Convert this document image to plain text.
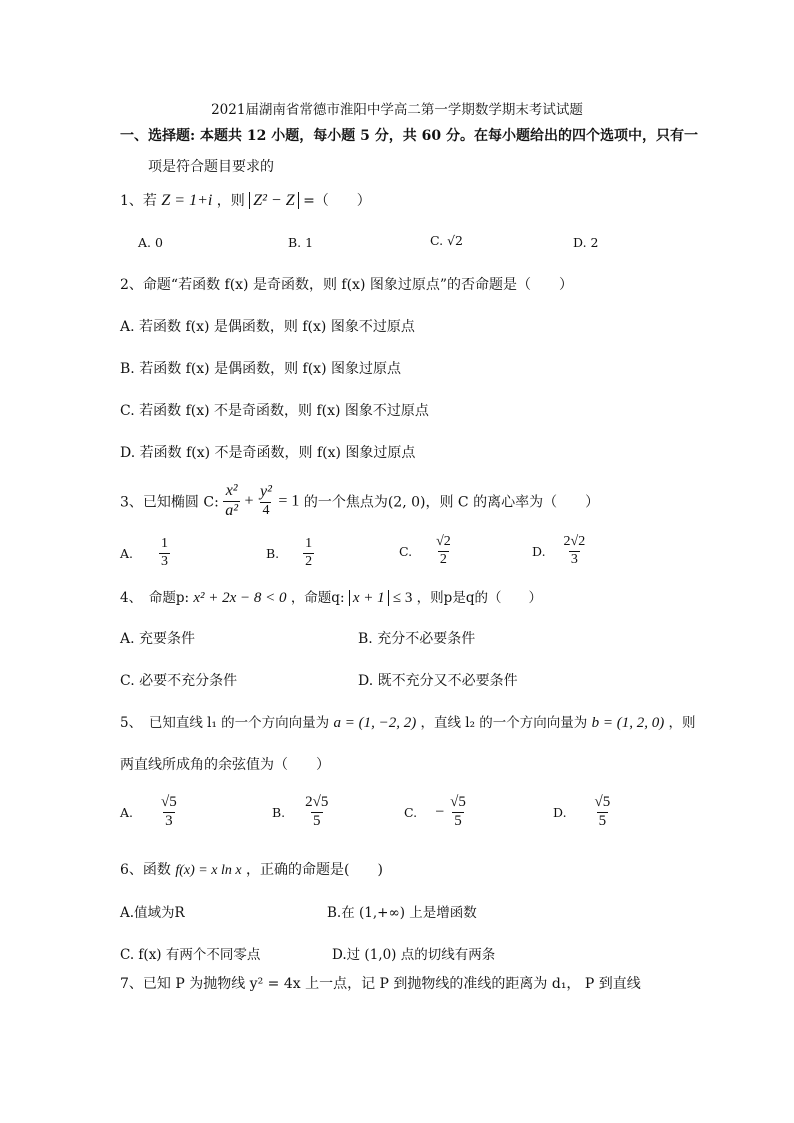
2021届湖南省常德市淮阳中学高二第一学期数学期末考试试题
一、选择题: 本题共 12 小题，每小题 5 分，共 60 分。在每小题给出的四个选项中，只有一
项是符合题目要求的
1、若 Z = 1+i ，则 Z² − Z =（　　）
A. 0	B. 1	C. √2	D. 2
2、命题“若函数 f(x) 是奇函数，则 f(x) 图象过原点”的否命题是（　　）
A. 若函数 f(x) 是偶函数，则 f(x) 图象不过原点
B. 若函数 f(x) 是偶函数，则 f(x) 图象过原点
C. 若函数 f(x) 不是奇函数，则 f(x) 图象不过原点
D. 若函数 f(x) 不是奇函数，则 f(x) 图象过原点
3、已知椭圆 C: $\frac{\text{x²}}{\text{a²}} + \frac{\text{y²}}{4} = 1$ 的一个焦点为(2, 0)，则 C 的离心率为（　　）
A. $\frac{1}{3}$	B. $\frac{1}{2}$	C. $\frac{√2}{2}$	D. $\frac{2√2}{3}$
4、　命题p: x² + 2x − 8 < 0 ，命题q: x + 1 ≤ 3 ，则p是q的（　　）
A. 充要条件	B. 充分不必要条件
C. 必要不充分条件	D. 既不充分又不必要条件
5、　已知直线 l₁ 的一个方向向量为 a = (1, −2, 2) ，直线 l₂ 的一个方向向量为 b = (1, 2, 0) ，则
两直线所成角的余弦值为（　　）
A. $\frac{√5}{3}$	B. $\frac{2√5}{5}$	C. − $\frac{√5}{5}$	D. $\frac{√5}{5}$
6、函数 f(x) = x ln x ，正确的命题是(　　)
A.值域为R	B.在 (1,+∞) 上是增函数
C. f(x) 有两个不同零点	D.过 (1,0) 点的切线有两条
7、已知 P 为抛物线 y² = 4x 上一点，记 P 到抛物线的准线的距离为 d₁， P 到直线
